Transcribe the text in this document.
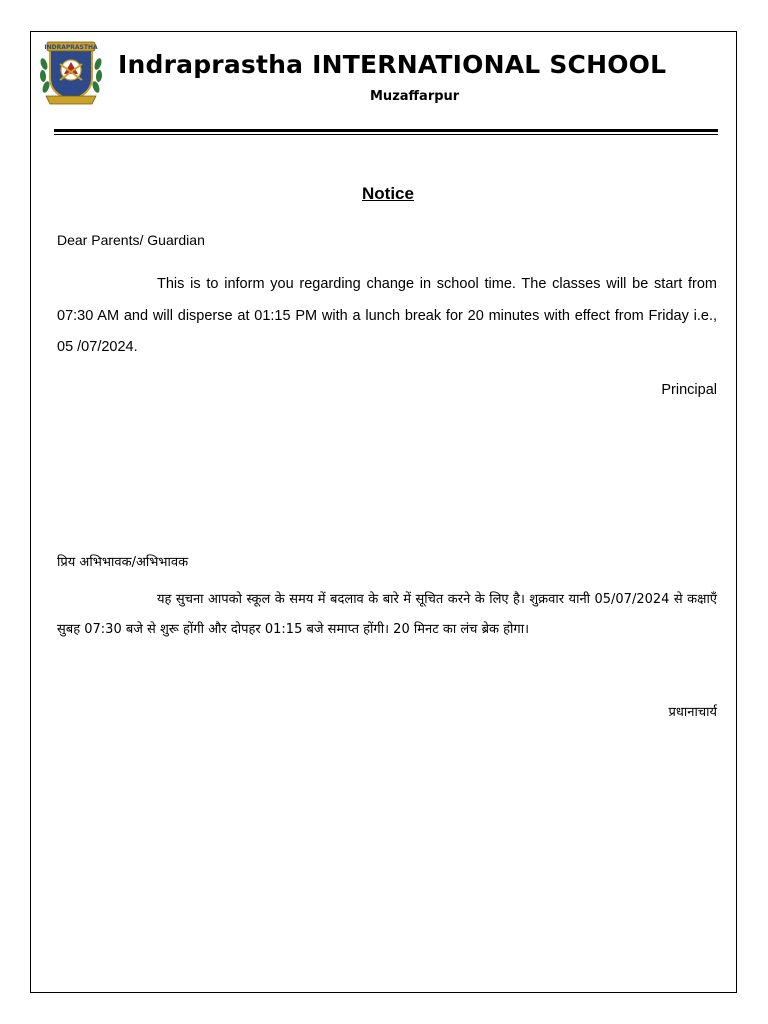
INDRAPRASTHA
Indraprastha INTERNATIONAL SCHOOL
Muzaffarpur
Notice
Dear Parents/ Guardian

This is to inform you regarding change in school time. The classes will be start from 07:30 AM and will disperse at 01:15 PM with a lunch break for 20 minutes with effect from Friday i.e., 05 /07/2024.

Principal
प्रिय अभिभावक/अभिभावक

यह सुचना आपको स्कूल के समय में बदलाव के बारे में सूचित करने के लिए है। शुक्रवार यानी 05/07/2024 से कक्षाएँ सुबह 07:30 बजे से शुरू होंगी और दोपहर 01:15 बजे समाप्त होंगी। 20 मिनट का लंच ब्रेक होगा।

प्रधानाचार्य
